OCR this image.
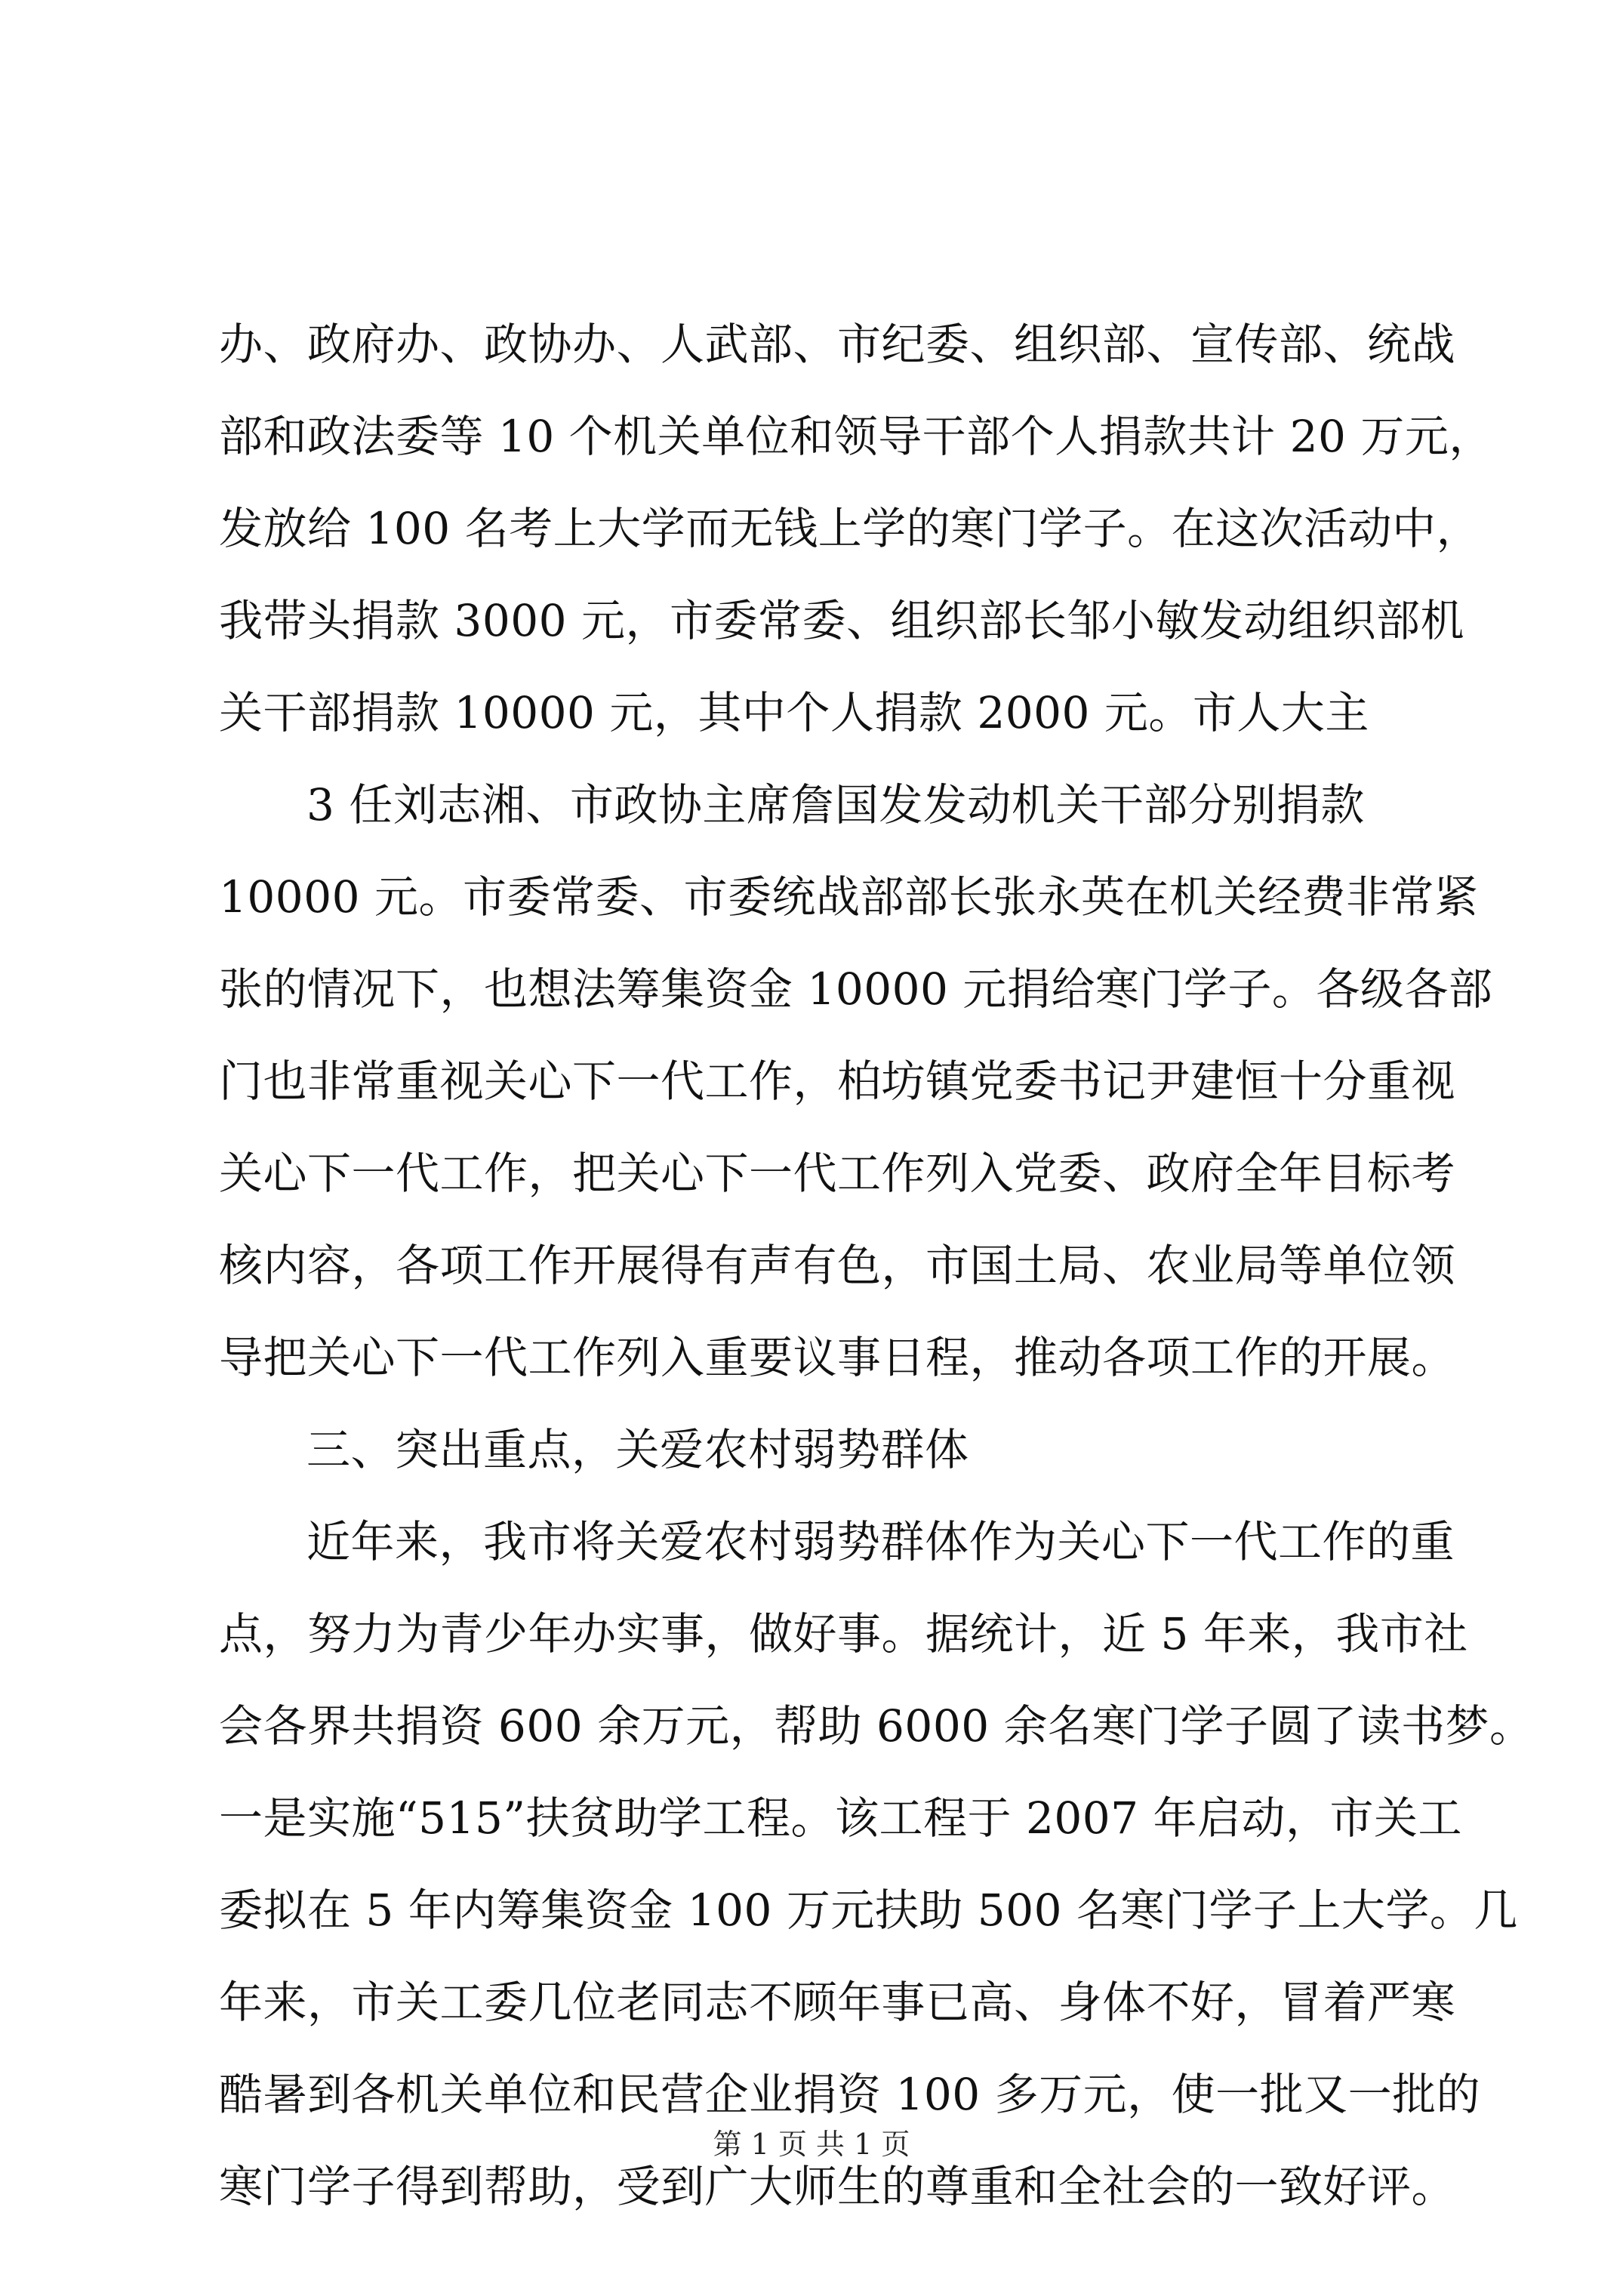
办、政府办、政协办、人武部、市纪委、组织部、宣传部、统战
部和政法委等 10 个机关单位和领导干部个人捐款共计 20 万元，
发放给 100 名考上大学而无钱上学的寒门学子。在这次活动中，
我带头捐款 3000 元，市委常委、组织部长邹小敏发动组织部机
关干部捐款 10000 元，其中个人捐款 2000 元。市人大主
3 任刘志湘、市政协主席詹国发发动机关干部分别捐款
10000 元。市委常委、市委统战部部长张永英在机关经费非常紧
张的情况下，也想法筹集资金 10000 元捐给寒门学子。各级各部
门也非常重视关心下一代工作，柏坊镇党委书记尹建恒十分重视
关心下一代工作，把关心下一代工作列入党委、政府全年目标考
核内容，各项工作开展得有声有色，市国土局、农业局等单位领
导把关心下一代工作列入重要议事日程，推动各项工作的开展。
三、突出重点，关爱农村弱势群体
近年来，我市将关爱农村弱势群体作为关心下一代工作的重
点，努力为青少年办实事，做好事。据统计，近 5 年来，我市社
会各界共捐资 600 余万元，帮助 6000 余名寒门学子圆了读书梦。
一是实施“515”扶贫助学工程。该工程于 2007 年启动，市关工
委拟在 5 年内筹集资金 100 万元扶助 500 名寒门学子上大学。几
年来，市关工委几位老同志不顾年事已高、身体不好，冒着严寒
酷暑到各机关单位和民营企业捐资 100 多万元，使一批又一批的
寒门学子得到帮助，受到广大师生的尊重和全社会的一致好评。
第 1 页 共 1 页
